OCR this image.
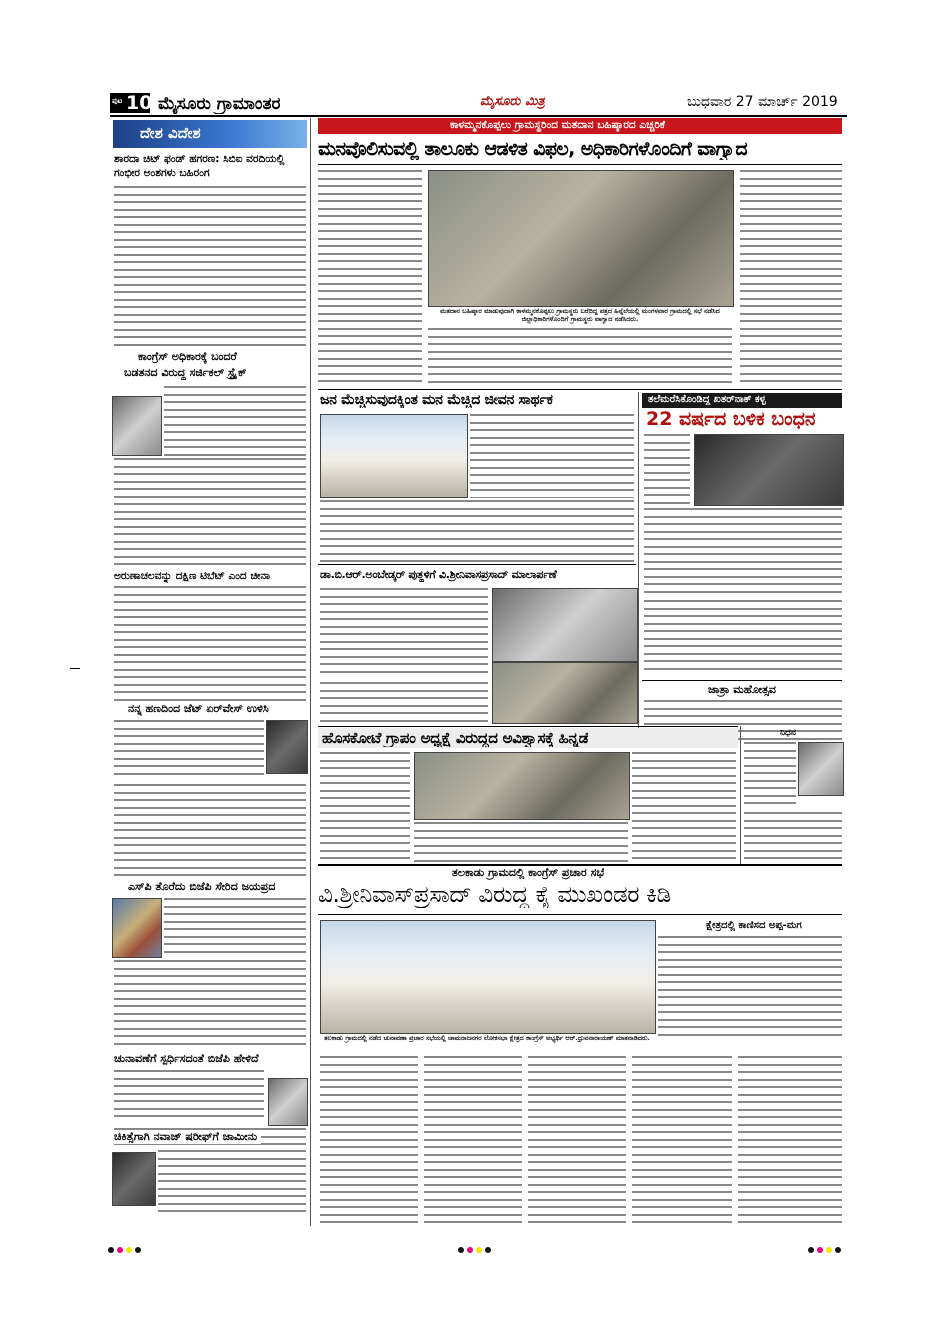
ಪುಟ 10 ಮೈಸೂರು ಗ್ರಾಮಾಂತರ	ಮೈಸೂರು ಮಿತ್ರ	ಬುಧವಾರ 27 ಮಾರ್ಚ್ 2019
ದೇಶ ವಿದೇಶ
ಶಾರದಾ ಚಿಟ್ ಫಂಡ್ ಹಗರಣ: ಸಿಬಿಐ ವರದಿಯಲ್ಲಿ ಗಂಭೀರ ಅಂಶಗಳು ಬಹಿರಂಗ
ಕಾಂಗ್ರೆಸ್ ಅಧಿಕಾರಕ್ಕೆ ಬಂದರೆ
ಬಡತನದ ವಿರುದ್ಧ ಸರ್ಜಿಕಲ್ ಸ್ಟ್ರೈಕ್
ಅರುಣಾಚಲವನ್ನು ದಕ್ಷಿಣ ಟಿಬೆಟ್ ಎಂದ ಚೀನಾ
ನನ್ನ ಹಣದಿಂದ ಜೆಟ್ ಏರ್‌ವೇಸ್ ಉಳಿಸಿ
ಎಸ್‌ಪಿ ತೊರೆದು ಬಿಜೆಪಿ ಸೇರಿದ ಜಯಪ್ರದ
ಚುನಾವಣೆಗೆ ಸ್ಪರ್ಧಿಸದಂತೆ ಬಿಜೆಪಿ ಹೇಳಿದೆ
ಚಿಕಿತ್ಸೆಗಾಗಿ ನವಾಜ್ ಷರೀಫ್‌ಗೆ ಜಾಮೀನು
ಕಾಳಮ್ಮನಕೊಪ್ಪಲು ಗ್ರಾಮಸ್ಥರಿಂದ ಮತದಾನ ಬಹಿಷ್ಕಾರದ ಎಚ್ಚರಿಕೆ
ಮನವೊಲಿಸುವಲ್ಲಿ ತಾಲೂಕು ಆಡಳಿತ ವಿಫಲ, ಅಧಿಕಾರಿಗಳೊಂದಿಗೆ ವಾಗ್ವಾದ
ಮತದಾನ ಬಹಿಷ್ಕಾರ ಮಾಡುವುದಾಗಿ ಕಾಳಮ್ಮನಕೊಪ್ಪಲು ಗ್ರಾಮಸ್ಥರು ಬರೆದಿದ್ದ ಪತ್ರದ ಹಿನ್ನೆಲೆಯಲ್ಲಿ ಮಂಗಳವಾರ ಗ್ರಾಮದಲ್ಲಿ ಸಭೆ ನಡೆಸಿದ ಜಿಲ್ಲಾಧಿಕಾರಿಗಳೊಂದಿಗೆ ಗ್ರಾಮಸ್ಥರು ವಾಗ್ವಾದ ನಡೆಸಿದರು.
ಜನ ಮೆಚ್ಚಿಸುವುದಕ್ಕಿಂತ ಮನ ಮೆಚ್ಚಿದ ಜೀವನ ಸಾರ್ಥಕ	ತಲೆಮರೆಸಿಕೊಂಡಿದ್ದ ಖತರ್‌ನಾಕ್ ಕಳ್ಳ
22 ವರ್ಷದ ಬಳಿಕ ಬಂಧನ
ಡಾ.ಬಿ.ಆರ್.ಅಂಬೇಡ್ಕರ್ ಪುತ್ಥಳಿಗೆ ವಿ.ಶ್ರೀನಿವಾಸಪ್ರಸಾದ್ ಮಾಲಾರ್ಪಣೆ
ಜಾತ್ರಾ ಮಹೋತ್ಸವ
ಹೊಸಕೋಟೆ ಗ್ರಾಪಂ ಅಧ್ಯಕ್ಷೆ ವಿರುದ್ಧದ ಅವಿಶ್ವಾಸಕ್ಕೆ ಹಿನ್ನಡೆ	ನಿಧನ
ತಲಕಾಡು ಗ್ರಾಮದಲ್ಲಿ ಕಾಂಗ್ರೆಸ್ ಪ್ರಚಾರ ಸಭೆ
ವಿ.ಶ್ರೀನಿವಾಸ್‌ಪ್ರಸಾದ್ ವಿರುದ್ಧ ಕೈ ಮುಖಂಡರ ಕಿಡಿ
ಕ್ಷೇತ್ರದಲ್ಲಿ ಕಾಣಿಸದ ಅಪ್ಪ-ಮಗ
ತಲಕಾಡು ಗ್ರಾಮದಲ್ಲಿ ನಡೆದ ಚುನಾವಣಾ ಪ್ರಚಾರ ಸಭೆಯಲ್ಲಿ ಚಾಮರಾಜನಗರ ಲೋಕಸಭಾ ಕ್ಷೇತ್ರದ ಕಾಂಗ್ರೆಸ್ ಅಭ್ಯರ್ಥಿ ಆರ್.ಧ್ರುವನಾರಾಯಣ್ ಮಾತನಾಡಿದರು.
